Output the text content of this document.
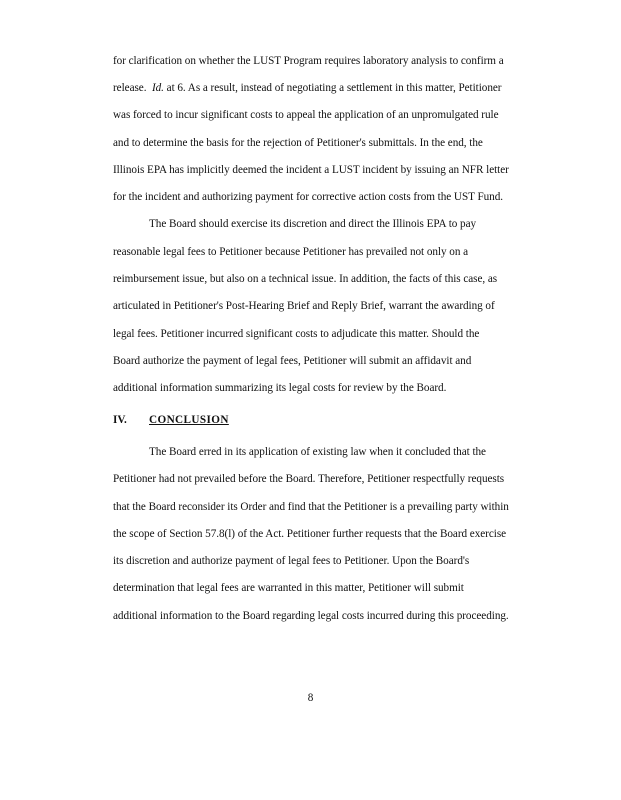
for clarification on whether the LUST Program requires laboratory analysis to confirm a
release. Id. at 6. As a result, instead of negotiating a settlement in this matter, Petitioner
was forced to incur significant costs to appeal the application of an unpromulgated rule
and to determine the basis for the rejection of Petitioner's submittals. In the end, the
Illinois EPA has implicitly deemed the incident a LUST incident by issuing an NFR letter
for the incident and authorizing payment for corrective action costs from the UST Fund.
The Board should exercise its discretion and direct the Illinois EPA to pay
reasonable legal fees to Petitioner because Petitioner has prevailed not only on a
reimbursement issue, but also on a technical issue. In addition, the facts of this case, as
articulated in Petitioner's Post-Hearing Brief and Reply Brief, warrant the awarding of
legal fees. Petitioner incurred significant costs to adjudicate this matter. Should the
Board authorize the payment of legal fees, Petitioner will submit an affidavit and
additional information summarizing its legal costs for review by the Board.
IV. CONCLUSION
The Board erred in its application of existing law when it concluded that the
Petitioner had not prevailed before the Board. Therefore, Petitioner respectfully requests
that the Board reconsider its Order and find that the Petitioner is a prevailing party within
the scope of Section 57.8(l) of the Act. Petitioner further requests that the Board exercise
its discretion and authorize payment of legal fees to Petitioner. Upon the Board's
determination that legal fees are warranted in this matter, Petitioner will submit
additional information to the Board regarding legal costs incurred during this proceeding.
8
